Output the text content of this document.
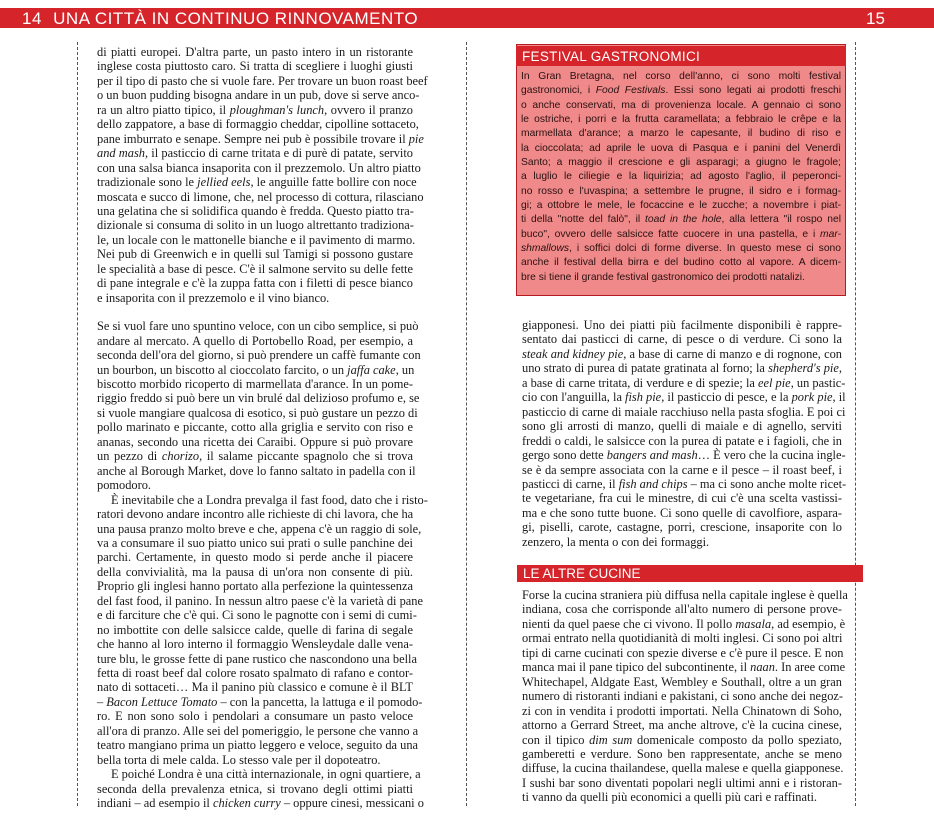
14 UNA CITTÀ IN CONTINUO RINNOVAMENTO	15
di piatti europei. D'altra parte, un pasto intero in un ristorante
inglese costa piuttosto caro. Si tratta di scegliere i luoghi giusti
per il tipo di pasto che si vuole fare. Per trovare un buon roast beef
o un buon pudding bisogna andare in un pub, dove si serve anco-
ra un altro piatto tipico, il ploughman's lunch, ovvero il pranzo
dello zappatore, a base di formaggio cheddar, cipolline sottaceto,
pane imburrato e senape. Sempre nei pub è possibile trovare il pie
and mash, il pasticcio di carne tritata e di purè di patate, servito
con una salsa bianca insaporita con il prezzemolo. Un altro piatto
tradizionale sono le jellied eels, le anguille fatte bollire con noce
moscata e succo di limone, che, nel processo di cottura, rilasciano
una gelatina che si solidifica quando è fredda. Questo piatto tra-
dizionale si consuma di solito in un luogo altrettanto tradiziona-
le, un locale con le mattonelle bianche e il pavimento di marmo.
Nei pub di Greenwich e in quelli sul Tamigi si possono gustare
le specialità a base di pesce. C'è il salmone servito su delle fette
di pane integrale e c'è la zuppa fatta con i filetti di pesce bianco
e insaporita con il prezzemolo e il vino bianco.
Se si vuol fare uno spuntino veloce, con un cibo semplice, si può
andare al mercato. A quello di Portobello Road, per esempio, a
seconda dell'ora del giorno, si può prendere un caffè fumante con
un bourbon, un biscotto al cioccolato farcito, o un jaffa cake, un
biscotto morbido ricoperto di marmellata d'arance. In un pome-
riggio freddo si può bere un vin brulé dal delizioso profumo e, se
si vuole mangiare qualcosa di esotico, si può gustare un pezzo di
pollo marinato e piccante, cotto alla griglia e servito con riso e
ananas, secondo una ricetta dei Caraibi. Oppure si può provare
un pezzo di chorizo, il salame piccante spagnolo che si trova
anche al Borough Market, dove lo fanno saltato in padella con il
pomodoro.
È inevitabile che a Londra prevalga il fast food, dato che i risto-
ratori devono andare incontro alle richieste di chi lavora, che ha
una pausa pranzo molto breve e che, appena c'è un raggio di sole,
va a consumare il suo piatto unico sui prati o sulle panchine dei
parchi. Certamente, in questo modo si perde anche il piacere
della convivialità, ma la pausa di un'ora non consente di più.
Proprio gli inglesi hanno portato alla perfezione la quintessenza
del fast food, il panino. In nessun altro paese c'è la varietà di pane
e di farciture che c'è qui. Ci sono le pagnotte con i semi di cumi-
no imbottite con delle salsicce calde, quelle di farina di segale
che hanno al loro interno il formaggio Wensleydale dalle vena-
ture blu, le grosse fette di pane rustico che nascondono una bella
fetta di roast beef dal colore rosato spalmato di rafano e contor-
nato di sottaceti… Ma il panino più classico e comune è il BLT
– Bacon Lettuce Tomato – con la pancetta, la lattuga e il pomodo-
ro. E non sono solo i pendolari a consumare un pasto veloce
all'ora di pranzo. Alle sei del pomeriggio, le persone che vanno a
teatro mangiano prima un piatto leggero e veloce, seguito da una
bella torta di mele calda. Lo stesso vale per il dopoteatro.
E poiché Londra è una città internazionale, in ogni quartiere, a
seconda della prevalenza etnica, si trovano degli ottimi piatti
indiani – ad esempio il chicken curry – oppure cinesi, messicani o
FESTIVAL GASTRONOMICI
In Gran Bretagna, nel corso dell'anno, ci sono molti festival
gastronomici, i Food Festivals. Essi sono legati ai prodotti freschi
o anche conservati, ma di provenienza locale. A gennaio ci sono
le ostriche, i porri e la frutta caramellata; a febbraio le crêpe e la
marmellata d'arance; a marzo le capesante, il budino di riso e
la cioccolata; ad aprile le uova di Pasqua e i panini del Venerdì
Santo; a maggio il crescione e gli asparagi; a giugno le fragole;
a luglio le ciliegie e la liquirizia; ad agosto l'aglio, il peperonci-
no rosso e l'uvaspina; a settembre le prugne, il sidro e i formag-
gi; a ottobre le mele, le focaccine e le zucche; a novembre i piat-
ti della "notte del falò", il toad in the hole, alla lettera "il rospo nel
buco", ovvero delle salsicce fatte cuocere in una pastella, e i mar-
shmallows, i soffici dolci di forme diverse. In questo mese ci sono
anche il festival della birra e del budino cotto al vapore. A dicem-
bre si tiene il grande festival gastronomico dei prodotti natalizi.
giapponesi. Uno dei piatti più facilmente disponibili è rappre-
sentato dai pasticci di carne, di pesce o di verdure. Ci sono la
steak and kidney pie, a base di carne di manzo e di rognone, con
uno strato di purea di patate gratinata al forno; la shepherd's pie,
a base di carne tritata, di verdure e di spezie; la eel pie, un pastic-
cio con l'anguilla, la fish pie, il pasticcio di pesce, e la pork pie, il
pasticcio di carne di maiale racchiuso nella pasta sfoglia. E poi ci
sono gli arrosti di manzo, quelli di maiale e di agnello, serviti
freddi o caldi, le salsicce con la purea di patate e i fagioli, che in
gergo sono dette bangers and mash… È vero che la cucina ingle-
se è da sempre associata con la carne e il pesce – il roast beef, i
pasticci di carne, il fish and chips – ma ci sono anche molte ricet-
te vegetariane, fra cui le minestre, di cui c'è una scelta vastissi-
ma e che sono tutte buone. Ci sono quelle di cavolfiore, aspara-
gi, piselli, carote, castagne, porri, crescione, insaporite con lo
zenzero, la menta o con dei formaggi.
LE ALTRE CUCINE
Forse la cucina straniera più diffusa nella capitale inglese è quella
indiana, cosa che corrisponde all'alto numero di persone prove-
nienti da quel paese che ci vivono. Il pollo masala, ad esempio, è
ormai entrato nella quotidianità di molti inglesi. Ci sono poi altri
tipi di carne cucinati con spezie diverse e c'è pure il pesce. E non
manca mai il pane tipico del subcontinente, il naan. In aree come
Whitechapel, Aldgate East, Wembley e Southall, oltre a un gran
numero di ristoranti indiani e pakistani, ci sono anche dei negoz-
zi con in vendita i prodotti importati. Nella Chinatown di Soho,
attorno a Gerrard Street, ma anche altrove, c'è la cucina cinese,
con il tipico dim sum domenicale composto da pollo speziato,
gamberetti e verdure. Sono ben rappresentate, anche se meno
diffuse, la cucina thailandese, quella malese e quella giapponese.
I sushi bar sono diventati popolari negli ultimi anni e i ristoran-
ti vanno da quelli più economici a quelli più cari e raffinati.
